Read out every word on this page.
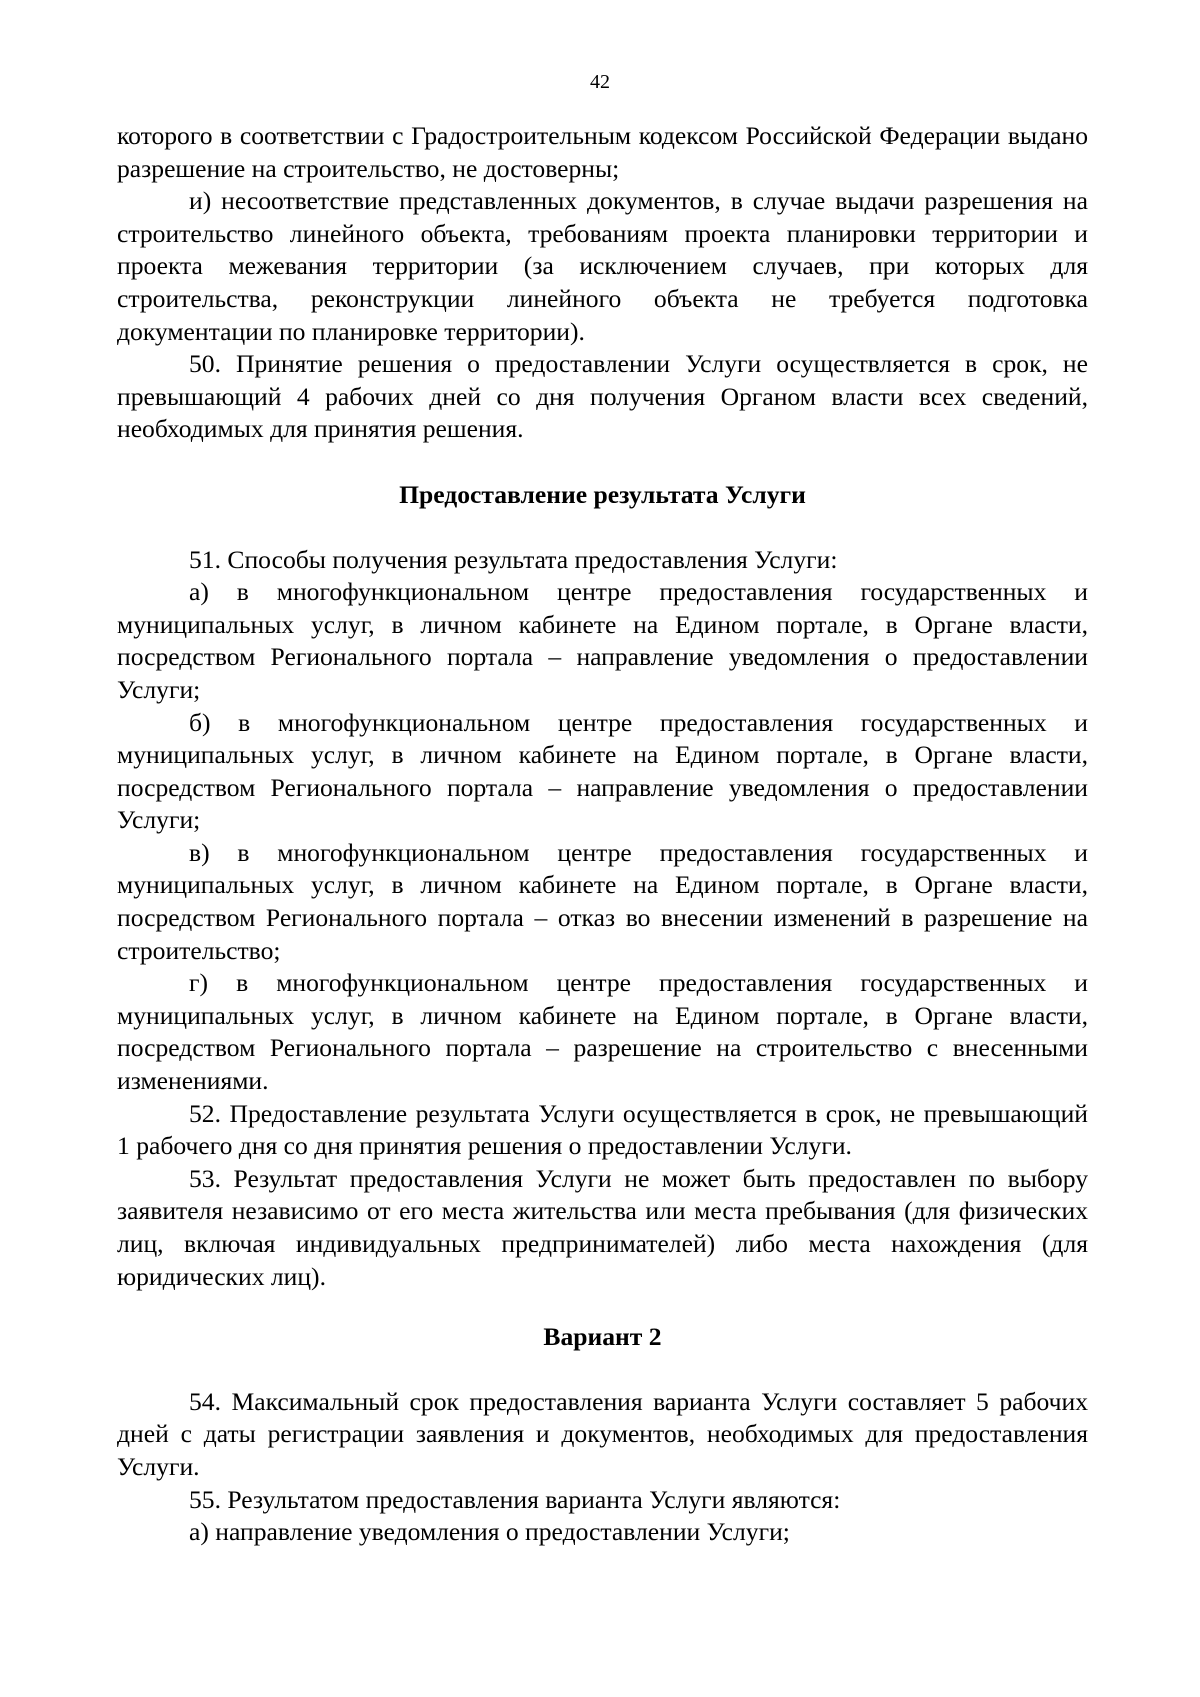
42

которого в соответствии с Градостроительным кодексом Российской Федерации выдано разрешение на строительство, не достоверны;

и) несоответствие представленных документов, в случае выдачи разрешения на строительство линейного объекта, требованиям проекта планировки территории и проекта межевания территории (за исключением случаев, при которых для строительства, реконструкции линейного объекта не требуется подготовка документации по планировке территории).

50. Принятие решения о предоставлении Услуги осуществляется в срок, не превышающий 4 рабочих дней со дня получения Органом власти всех сведений, необходимых для принятия решения.

Предоставление результата Услуги

51. Способы получения результата предоставления Услуги:

а) в многофункциональном центре предоставления государственных и муниципальных услуг, в личном кабинете на Едином портале, в Органе власти, посредством Регионального портала – направление уведомления о предоставлении Услуги;

б) в многофункциональном центре предоставления государственных и муниципальных услуг, в личном кабинете на Едином портале, в Органе власти, посредством Регионального портала – направление уведомления о предоставлении Услуги;

в) в многофункциональном центре предоставления государственных и муниципальных услуг, в личном кабинете на Едином портале, в Органе власти, посредством Регионального портала – отказ во внесении изменений в разрешение на строительство;

г) в многофункциональном центре предоставления государственных и муниципальных услуг, в личном кабинете на Едином портале, в Органе власти, посредством Регионального портала – разрешение на строительство с внесенными изменениями.

52. Предоставление результата Услуги осуществляется в срок, не превышающий 1 рабочего дня со дня принятия решения о предоставлении Услуги.

53. Результат предоставления Услуги не может быть предоставлен по выбору заявителя независимо от его места жительства или места пребывания (для физических лиц, включая индивидуальных предпринимателей) либо места нахождения (для юридических лиц).

Вариант 2

54. Максимальный срок предоставления варианта Услуги составляет 5 рабочих дней с даты регистрации заявления и документов, необходимых для предоставления Услуги.

55. Результатом предоставления варианта Услуги являются:

а) направление уведомления о предоставлении Услуги;
